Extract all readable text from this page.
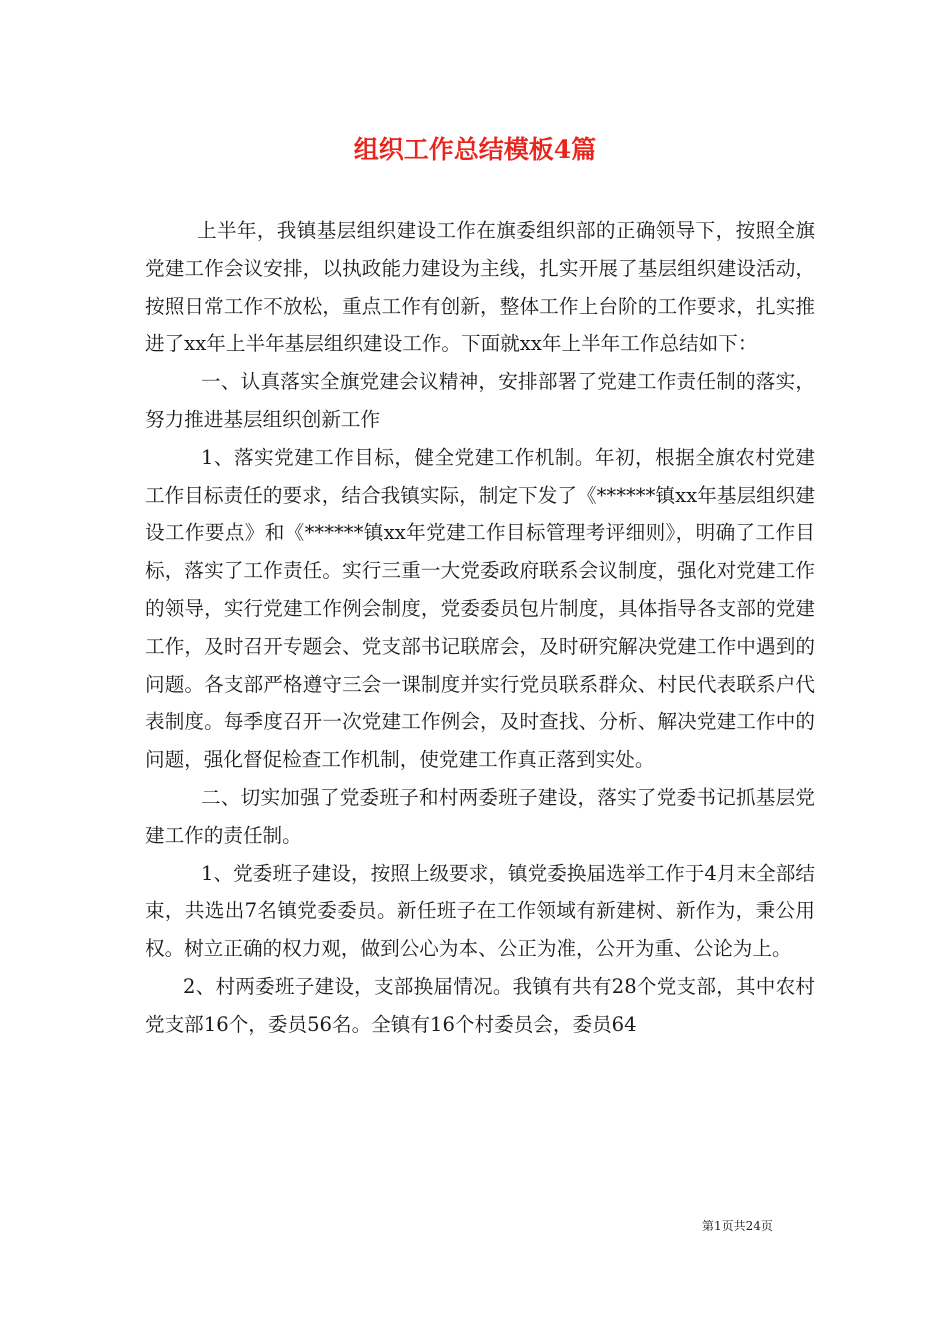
组织工作总结模板4篇

上半年，我镇基层组织建设工作在旗委组织部的正确领导下，按照全旗党建工作会议安排，以执政能力建设为主线，扎实开展了基层组织建设活动，按照日常工作不放松，重点工作有创新，整体工作上台阶的工作要求，扎实推进了xx年上半年基层组织建设工作。下面就xx年上半年工作总结如下：

一、认真落实全旗党建会议精神，安排部署了党建工作责任制的落实，努力推进基层组织创新工作

1、落实党建工作目标，健全党建工作机制。年初，根据全旗农村党建工作目标责任的要求，结合我镇实际，制定下发了《******镇xx年基层组织建设工作要点》和《******镇xx年党建工作目标管理考评细则》，明确了工作目标，落实了工作责任。实行三重一大党委政府联系会议制度，强化对党建工作的领导，实行党建工作例会制度，党委委员包片制度，具体指导各支部的党建工作，及时召开专题会、党支部书记联席会，及时研究解决党建工作中遇到的问题。各支部严格遵守三会一课制度并实行党员联系群众、村民代表联系户代表制度。每季度召开一次党建工作例会，及时查找、分析、解决党建工作中的问题，强化督促检查工作机制，使党建工作真正落到实处。

二、切实加强了党委班子和村两委班子建设，落实了党委书记抓基层党建工作的责任制。

1、党委班子建设，按照上级要求，镇党委换届选举工作于4月末全部结束，共选出7名镇党委委员。新任班子在工作领域有新建树、新作为，秉公用权。树立正确的权力观，做到公心为本、公正为准，公开为重、公论为上。

2、村两委班子建设，支部换届情况。我镇有共有28个党支部，其中农村党支部16个，委员56名。全镇有16个村委员会，委员64

第1页共24页
